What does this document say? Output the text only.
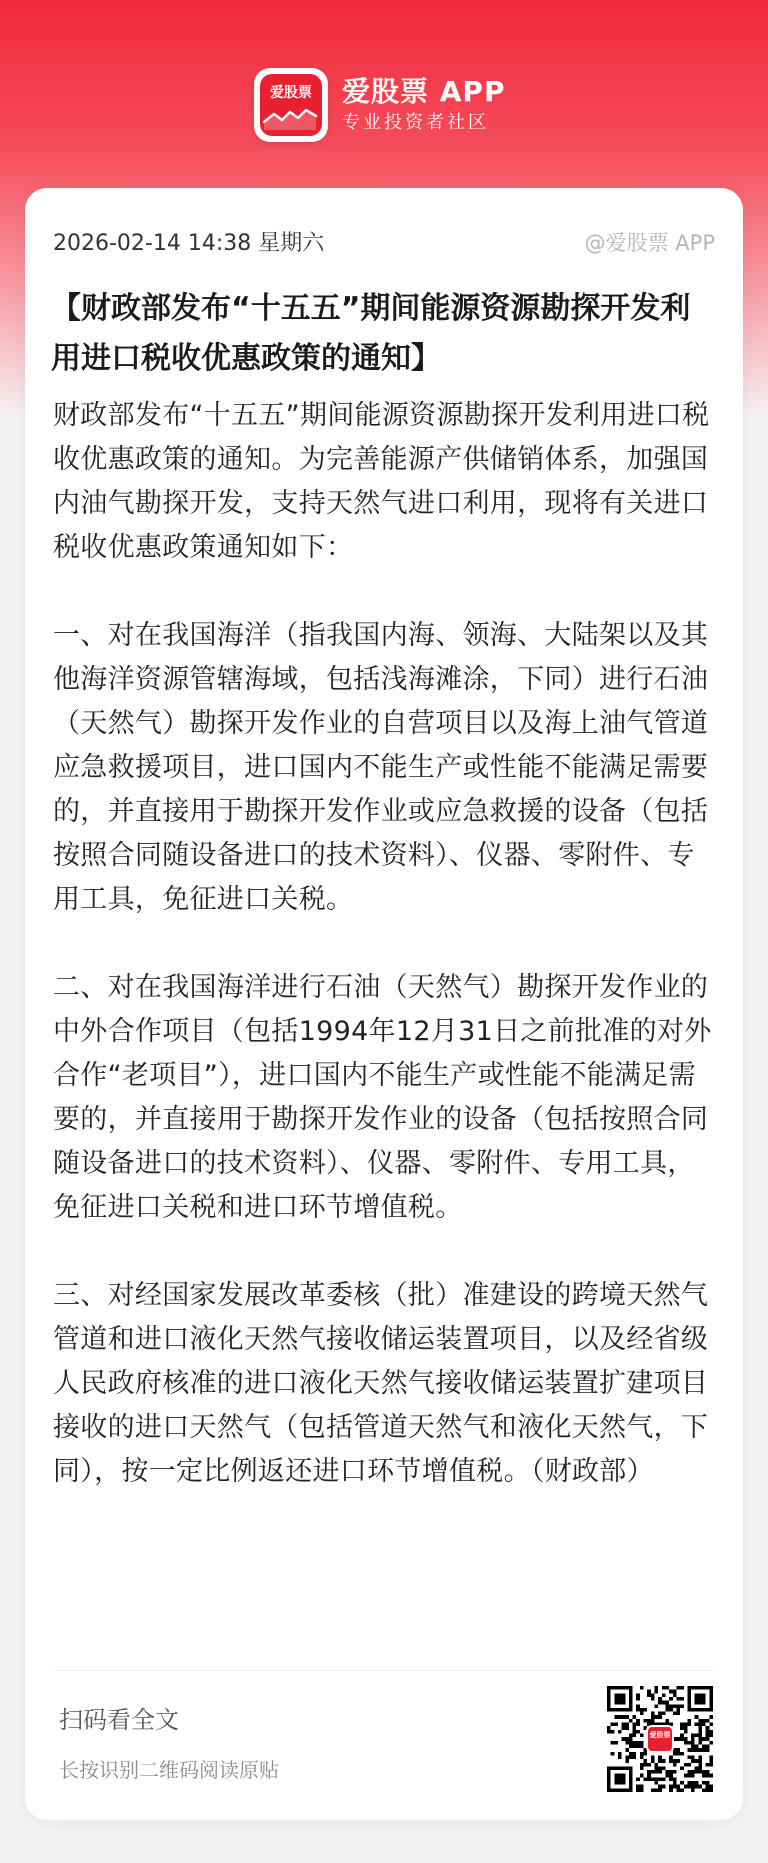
爱股票	爱股票 APP
专业投资者社区
2026-02-14 14:38 星期六	@爱股票 APP
【财政部发布“十五五”期间能源资源勘探开发利用进口税收优惠政策的通知】

财政部发布“十五五”期间能源资源勘探开发利用进口税收优惠政策的通知。为完善能源产供储销体系，加强国内油气勘探开发，支持天然气进口利用，现将有关进口税收优惠政策通知如下：

一、对在我国海洋（指我国内海、领海、大陆架以及其他海洋资源管辖海域，包括浅海滩涂，下同）进行石油（天然气）勘探开发作业的自营项目以及海上油气管道应急救援项目，进口国内不能生产或性能不能满足需要的，并直接用于勘探开发作业或应急救援的设备（包括按照合同随设备进口的技术资料）、仪器、零附件、专用工具，免征进口关税。

二、对在我国海洋进行石油（天然气）勘探开发作业的中外合作项目（包括1994年12月31日之前批准的对外合作“老项目”），进口国内不能生产或性能不能满足需要的，并直接用于勘探开发作业的设备（包括按照合同随设备进口的技术资料）、仪器、零附件、专用工具，免征进口关税和进口环节增值税。

三、对经国家发展改革委核（批）准建设的跨境天然气管道和进口液化天然气接收储运装置项目，以及经省级人民政府核准的进口液化天然气接收储运装置扩建项目接收的进口天然气（包括管道天然气和液化天然气，下同），按一定比例返还进口环节增值税。（财政部）

扫码看全文
长按识别二维码阅读原贴
爱股票
